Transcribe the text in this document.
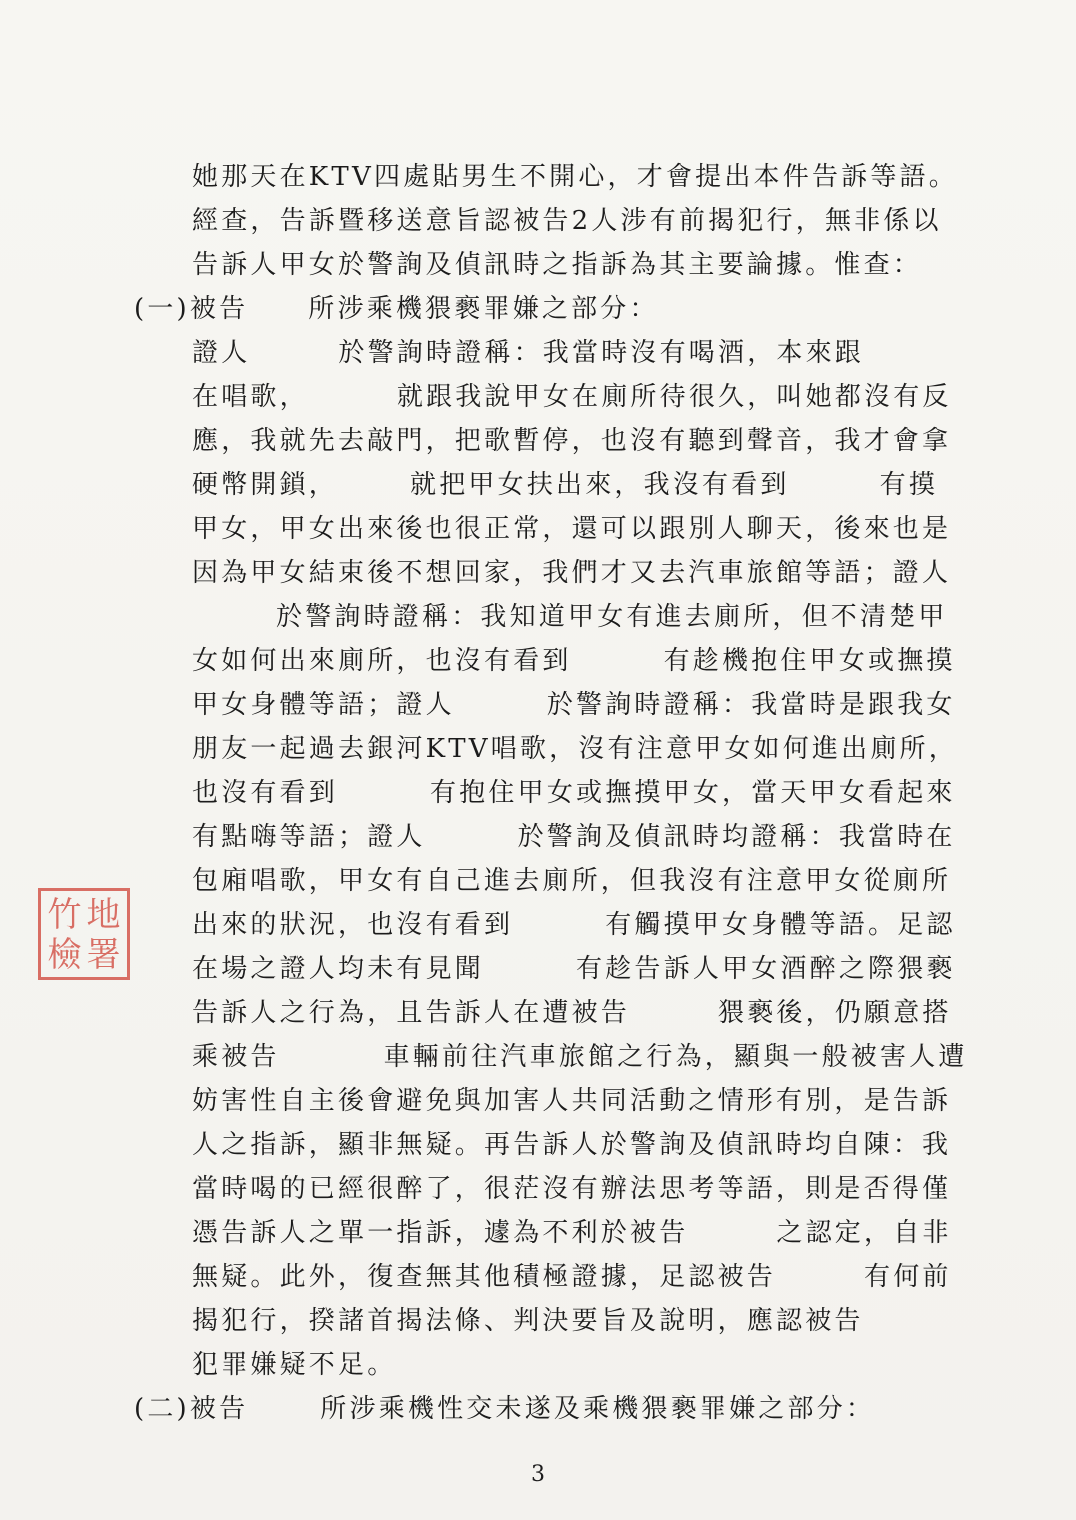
她那天在KTV四處貼男生不開心，才會提出本件告訴等語。
經查，告訴暨移送意旨認被告2人涉有前揭犯行，無非係以
告訴人甲女於警詢及偵訊時之指訴為其主要論據。惟查：
(一)被告 所涉乘機猥褻罪嫌之部分：
證人	於警詢時證稱：我當時沒有喝酒，本來跟
在唱歌，	就跟我說甲女在廁所待很久，叫她都沒有反
應，我就先去敲門，把歌暫停，也沒有聽到聲音，我才會拿
硬幣開鎖，	就把甲女扶出來，我沒有看到	有摸
甲女，甲女出來後也很正常，還可以跟別人聊天，後來也是
因為甲女結束後不想回家，我們才又去汽車旅館等語；證人
於警詢時證稱：我知道甲女有進去廁所，但不清楚甲
女如何出來廁所，也沒有看到	有趁機抱住甲女或撫摸
甲女身體等語；證人	於警詢時證稱：我當時是跟我女
朋友一起過去銀河KTV唱歌，沒有注意甲女如何進出廁所，
也沒有看到	有抱住甲女或撫摸甲女，當天甲女看起來
有點嗨等語；證人	於警詢及偵訊時均證稱：我當時在
包廂唱歌，甲女有自己進去廁所，但我沒有注意甲女從廁所
出來的狀況，也沒有看到	有觸摸甲女身體等語。足認
在場之證人均未有見聞	有趁告訴人甲女酒醉之際猥褻
告訴人之行為，且告訴人在遭被告	猥褻後，仍願意搭
乘被告	車輛前往汽車旅館之行為，顯與一般被害人遭
妨害性自主後會避免與加害人共同活動之情形有別，是告訴
人之指訴，顯非無疑。再告訴人於警詢及偵訊時均自陳：我
當時喝的已經很醉了，很茫沒有辦法思考等語，則是否得僅
憑告訴人之單一指訴，遽為不利於被告	之認定，自非
無疑。此外，復查無其他積極證據，足認被告	有何前
揭犯行，揆諸首揭法條、判決要旨及說明，應認被告
犯罪嫌疑不足。
(二)被告	所涉乘機性交未遂及乘機猥褻罪嫌之部分：
竹 地
檢 署
3
